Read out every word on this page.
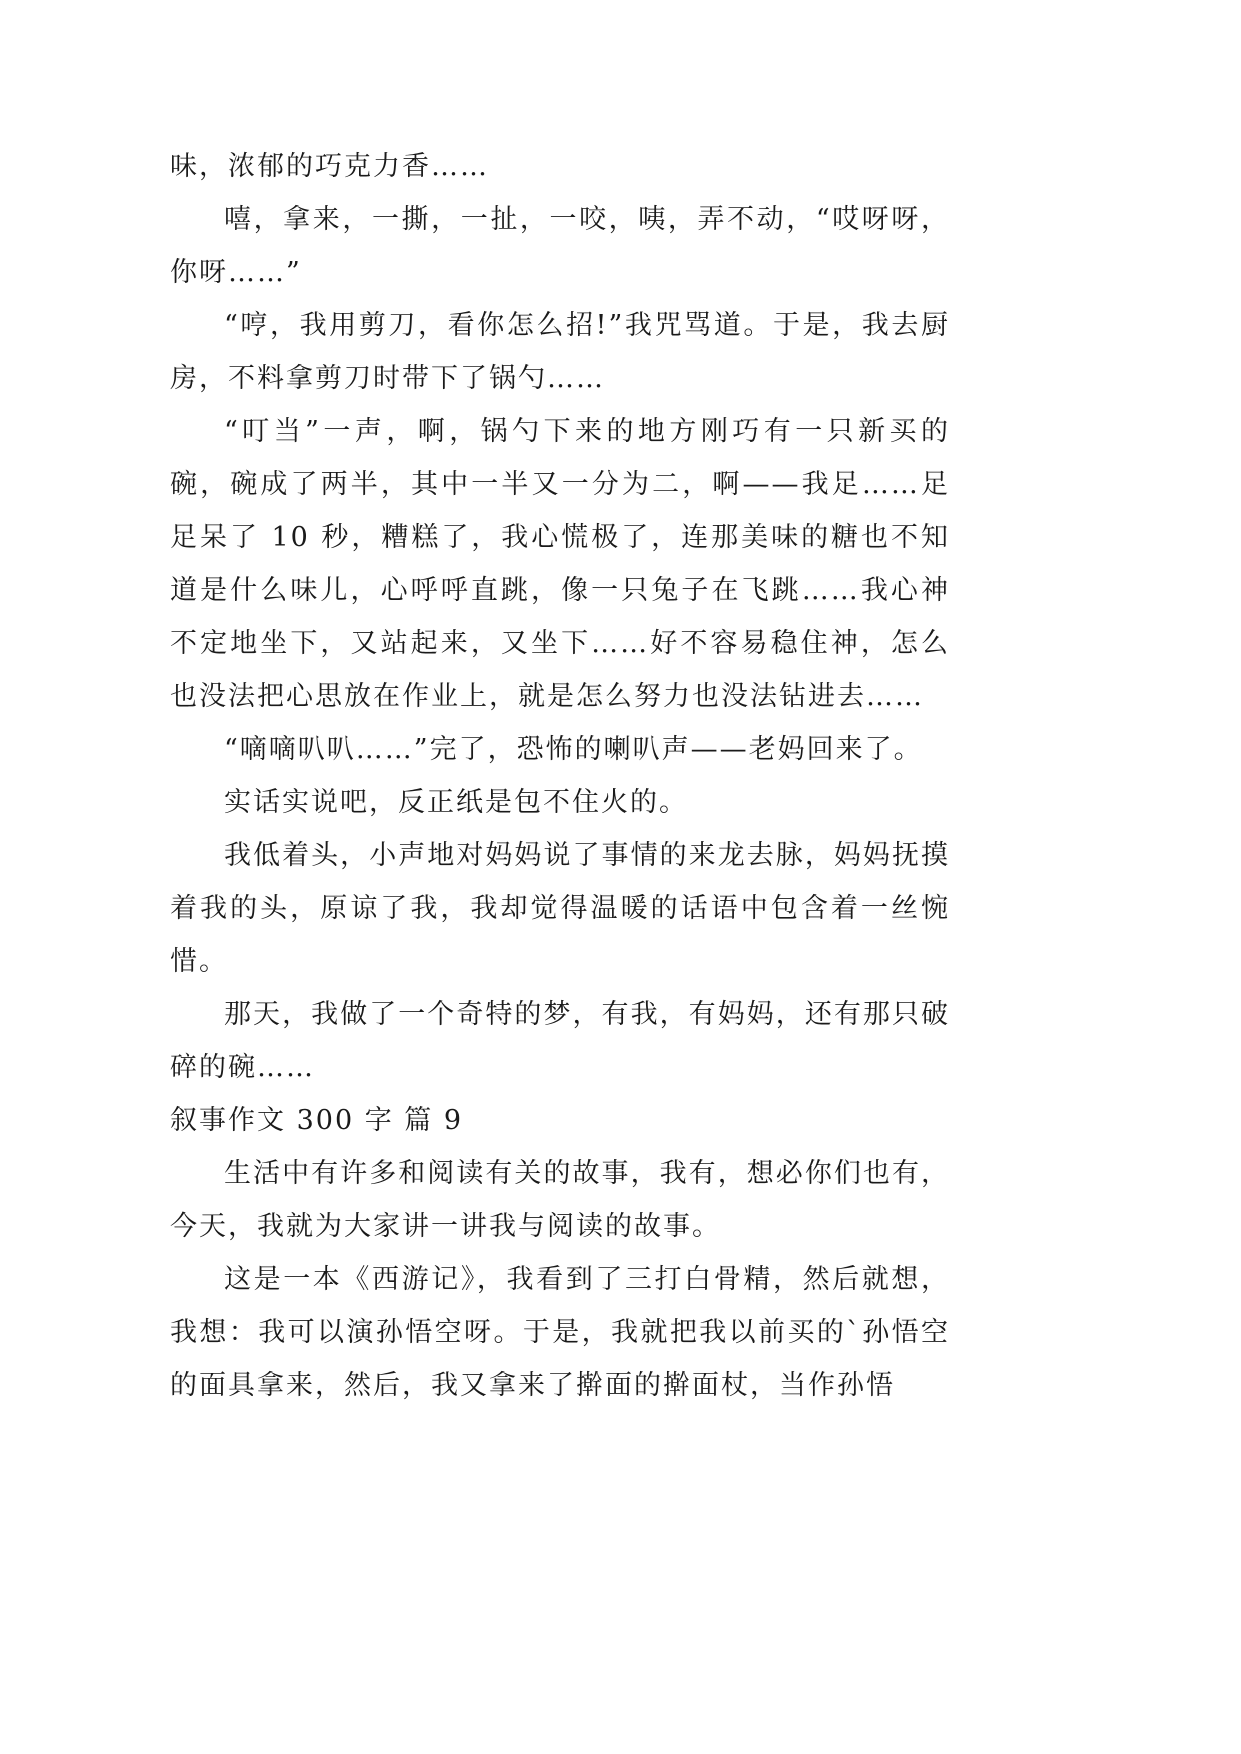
味，浓郁的巧克力香……

嘻，拿来，一撕，一扯，一咬，咦，弄不动，“哎呀呀，你呀……”

“哼，我用剪刀，看你怎么招!”我咒骂道。于是，我去厨房，不料拿剪刀时带下了锅勺……

“叮当”一声，啊，锅勺下来的地方刚巧有一只新买的碗，碗成了两半，其中一半又一分为二，啊——我足……足足呆了 10 秒，糟糕了，我心慌极了，连那美味的糖也不知道是什么味儿，心呼呼直跳，像一只兔子在飞跳……我心神不定地坐下，又站起来，又坐下……好不容易稳住神，怎么也没法把心思放在作业上，就是怎么努力也没法钻进去……

“嘀嘀叭叭……”完了，恐怖的喇叭声——老妈回来了。

实话实说吧，反正纸是包不住火的。

我低着头，小声地对妈妈说了事情的来龙去脉，妈妈抚摸着我的头，原谅了我，我却觉得温暖的话语中包含着一丝惋惜。

那天，我做了一个奇特的梦，有我，有妈妈，还有那只破碎的碗……

叙事作文 300 字 篇 9

生活中有许多和阅读有关的故事，我有，想必你们也有，今天，我就为大家讲一讲我与阅读的故事。

这是一本《西游记》，我看到了三打白骨精，然后就想，我想：我可以演孙悟空呀。于是，我就把我以前买的`孙悟空的面具拿来，然后，我又拿来了擀面的擀面杖，当作孙悟
